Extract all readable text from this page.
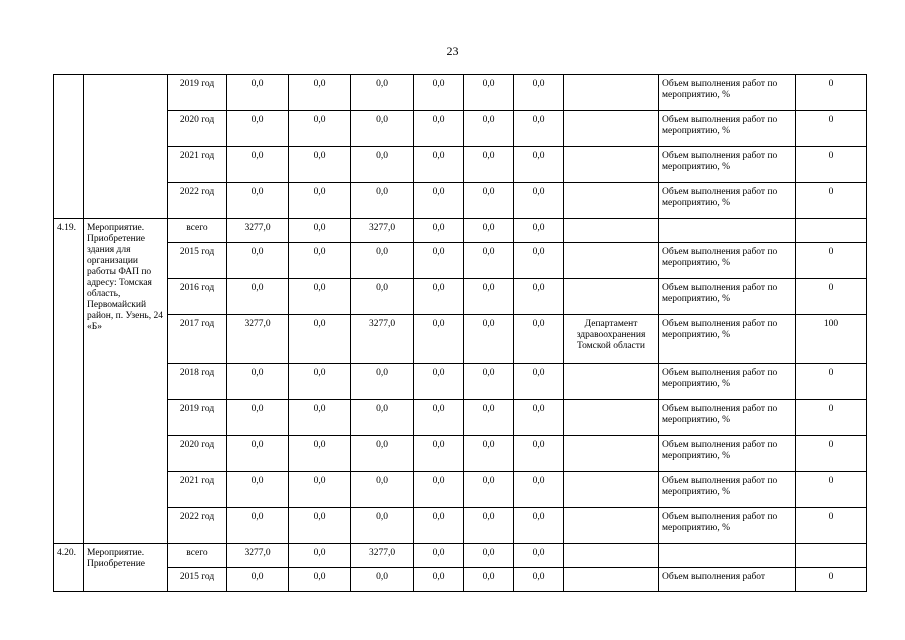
23
		2019 год	0,0	0,0	0,0	0,0	0,0	0,0		Объем выполнения работ по мероприятию, %	0
		2020 год	0,0	0,0	0,0	0,0	0,0	0,0		Объем выполнения работ по мероприятию, %	0
		2021 год	0,0	0,0	0,0	0,0	0,0	0,0		Объем выполнения работ по мероприятию, %	0
		2022 год	0,0	0,0	0,0	0,0	0,0	0,0		Объем выполнения работ по мероприятию, %	0
4.19.	Мероприятие. Приобретение здания для организации работы ФАП по адресу: Томская область, Первомайский район, п. Узень, 24 «Б»	всего	3277,0	0,0	3277,0	0,0	0,0	0,0			
		2015 год	0,0	0,0	0,0	0,0	0,0	0,0		Объем выполнения работ по мероприятию, %	0
		2016 год	0,0	0,0	0,0	0,0	0,0	0,0		Объем выполнения работ по мероприятию, %	0
		2017 год	3277,0	0,0	3277,0	0,0	0,0	0,0	Департамент здравоохранения Томской области	Объем выполнения работ по мероприятию, %	100
		2018 год	0,0	0,0	0,0	0,0	0,0	0,0		Объем выполнения работ по мероприятию, %	0
		2019 год	0,0	0,0	0,0	0,0	0,0	0,0		Объем выполнения работ по мероприятию, %	0
		2020 год	0,0	0,0	0,0	0,0	0,0	0,0		Объем выполнения работ по мероприятию, %	0
		2021 год	0,0	0,0	0,0	0,0	0,0	0,0		Объем выполнения работ по мероприятию, %	0
		2022 год	0,0	0,0	0,0	0,0	0,0	0,0		Объем выполнения работ по мероприятию, %	0
4.20.	Мероприятие. Приобретение	всего	3277,0	0,0	3277,0	0,0	0,0	0,0			
		2015 год	0,0	0,0	0,0	0,0	0,0	0,0		Объем выполнения работ	0
